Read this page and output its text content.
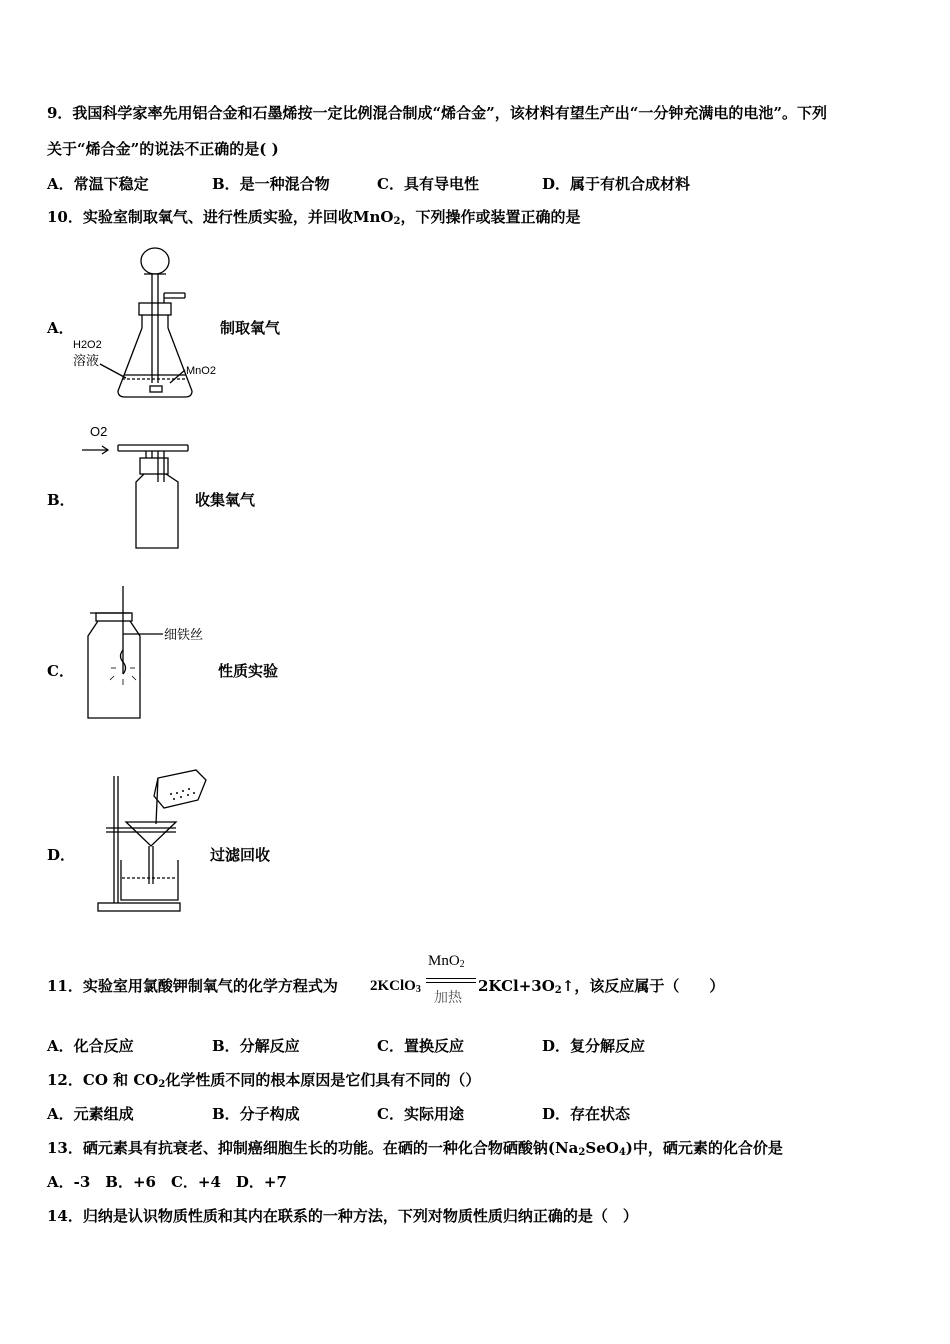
9．我国科学家率先用铝合金和石墨烯按一定比例混合制成“烯合金”，该材料有望生产出“一分钟充满电的电池”。下列
关于“烯合金”的说法不正确的是( )
A．常温下稳定	B．是一种混合物	C．具有导电性	D．属于有机合成材料
10．实验室制取氧气、进行性质实验，并回收MnO$_2$，下列操作或装置正确的是
A．	制取氧气
H2O2
溶液
MnO2
B．	收集氧气
O2
C．	性质实验
细铁丝
D．	过滤回收
11．实验室用氯酸钾制氧气的化学方程式为 2KClO$_3$
MnO$_2$
加热
$2KCl+3O_2↑$，该反应属于（　　）
A．化合反应	B．分解反应	C．置换反应	D．复分解反应
12．CO 和 $CO_2$化学性质不同的根本原因是它们具有不同的（）
A．元素组成	B．分子构成	C．实际用途	D．存在状态
13．硒元素具有抗衰老、抑制癌细胞生长的功能。在硒的一种化合物硒酸钠$(Na_2SeO_4)$中，硒元素的化合价是
A．-3　B．+6　C．+4　D．+7
14．归纳是认识物质性质和其内在联系的一种方法，下列对物质性质归纳正确的是（　）
